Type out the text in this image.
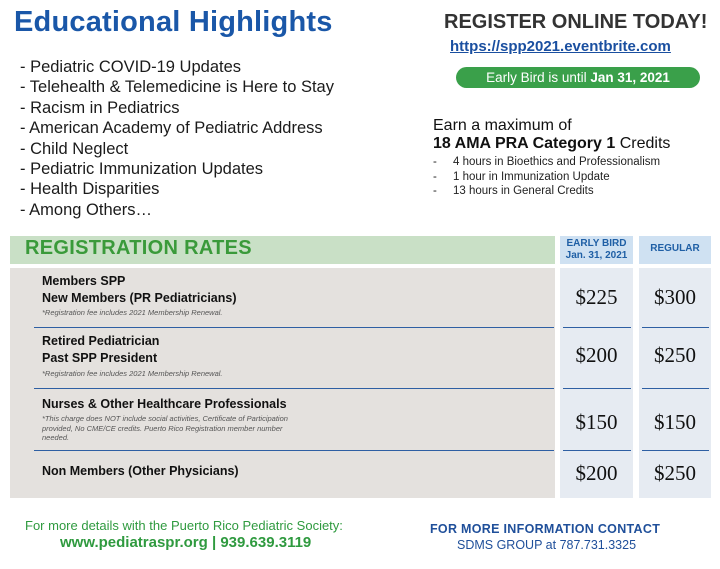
Educational Highlights
- Pediatric COVID-19 Updates
- Telehealth & Telemedicine is Here to Stay
- Racism in Pediatrics
- American Academy of Pediatric Address
- Child Neglect
- Pediatric Immunization Updates
- Health Disparities
- Among Others…
REGISTER ONLINE TODAY!
https://spp2021.eventbrite.com
Early Bird is until Jan 31, 2021
Earn a maximum of
18 AMA PRA Category 1 Credits
- 4 hours in Bioethics and Professionalism
- 1 hour in Immunization Update
- 13 hours in General Credits
REGISTRATION RATES	EARLY BIRD
Jan. 31, 2021
REGULAR
Members SPP
New Members (PR Pediatricians)
*Registration fee includes 2021 Membership Renewal.
$225	$300
Retired Pediatrician
Past SPP President
*Registration fee includes 2021 Membership Renewal.
$200	$250
Nurses & Other Healthcare Professionals
*This charge does NOT include social activities, Certificate of Participation provided, No CME/CE credits. Puerto Rico Registration member number needed.
$150	$150
Non Members (Other Physicians)	$200	$250
For more details with the Puerto Rico Pediatric Society:
www.pediatraspr.org | 939.639.3119
FOR MORE INFORMATION CONTACT
SDMS GROUP at 787.731.3325
